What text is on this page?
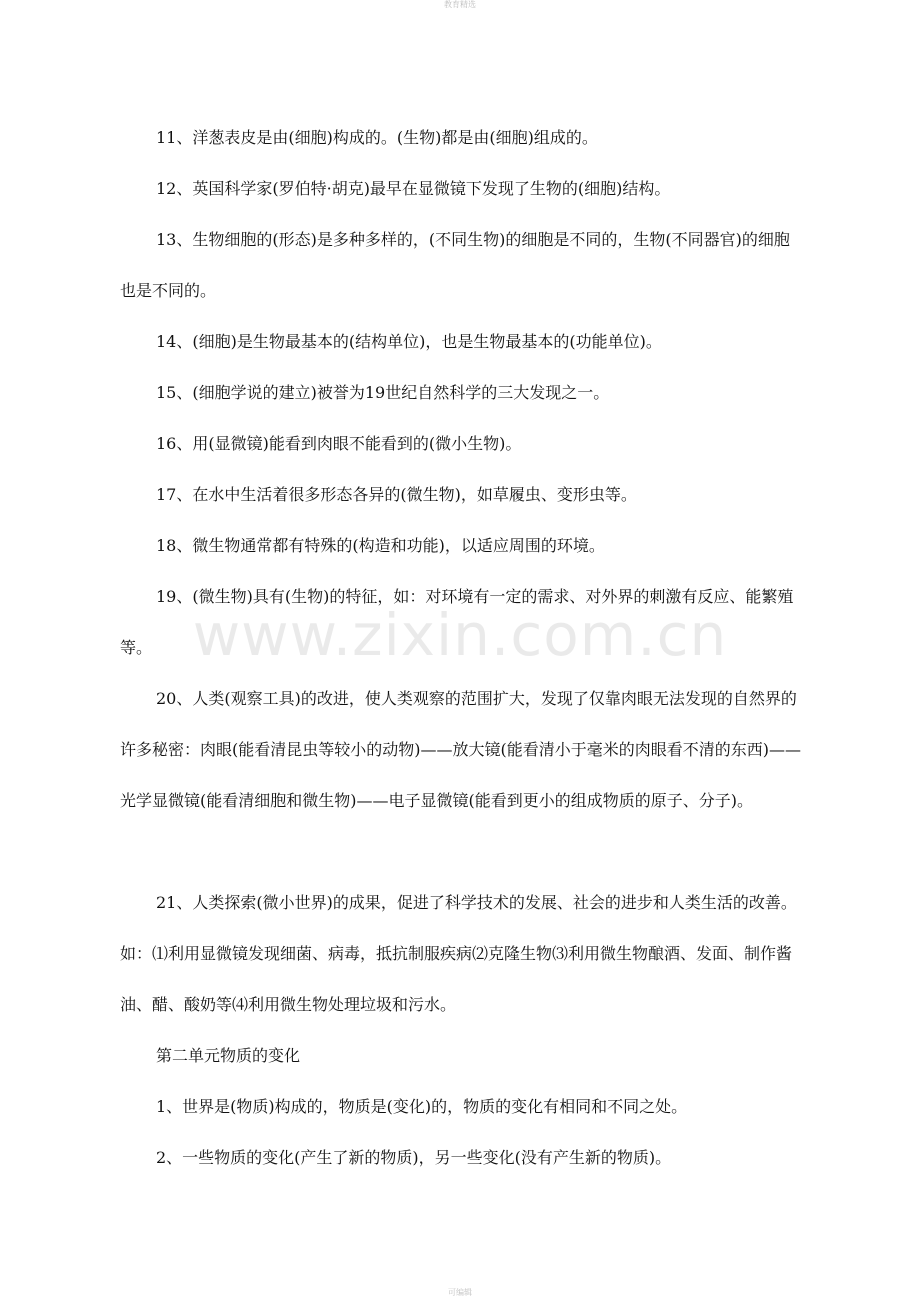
教育精选

11、洋葱表皮是由(细胞)构成的。(生物)都是由(细胞)组成的。

12、英国科学家(罗伯特·胡克)最早在显微镜下发现了生物的(细胞)结构。

13、生物细胞的(形态)是多种多样的，(不同生物)的细胞是不同的，生物(不同器官)的细胞也是不同的。

14、(细胞)是生物最基本的(结构单位)，也是生物最基本的(功能单位)。

15、(细胞学说的建立)被誉为19世纪自然科学的三大发现之一。

16、用(显微镜)能看到肉眼不能看到的(微小生物)。

17、在水中生活着很多形态各异的(微生物)，如草履虫、变形虫等。

18、微生物通常都有特殊的(构造和功能)，以适应周围的环境。

19、(微生物)具有(生物)的特征，如：对环境有一定的需求、对外界的刺激有反应、能繁殖等。

20、人类(观察工具)的改进，使人类观察的范围扩大，发现了仅靠肉眼无法发现的自然界的许多秘密：肉眼(能看清昆虫等较小的动物)——放大镜(能看清小于毫米的肉眼看不清的东西)——光学显微镜(能看清细胞和微生物)——电子显微镜(能看到更小的组成物质的原子、分子)。

21、人类探索(微小世界)的成果，促进了科学技术的发展、社会的进步和人类生活的改善。如：⑴利用显微镜发现细菌、病毒，抵抗制服疾病⑵克隆生物⑶利用微生物酿酒、发面、制作酱油、醋、酸奶等⑷利用微生物处理垃圾和污水。

第二单元物质的变化

1、世界是(物质)构成的，物质是(变化)的，物质的变化有相同和不同之处。

2、一些物质的变化(产生了新的物质)，另一些变化(没有产生新的物质)。

www.zixin.com.cn
可编辑
